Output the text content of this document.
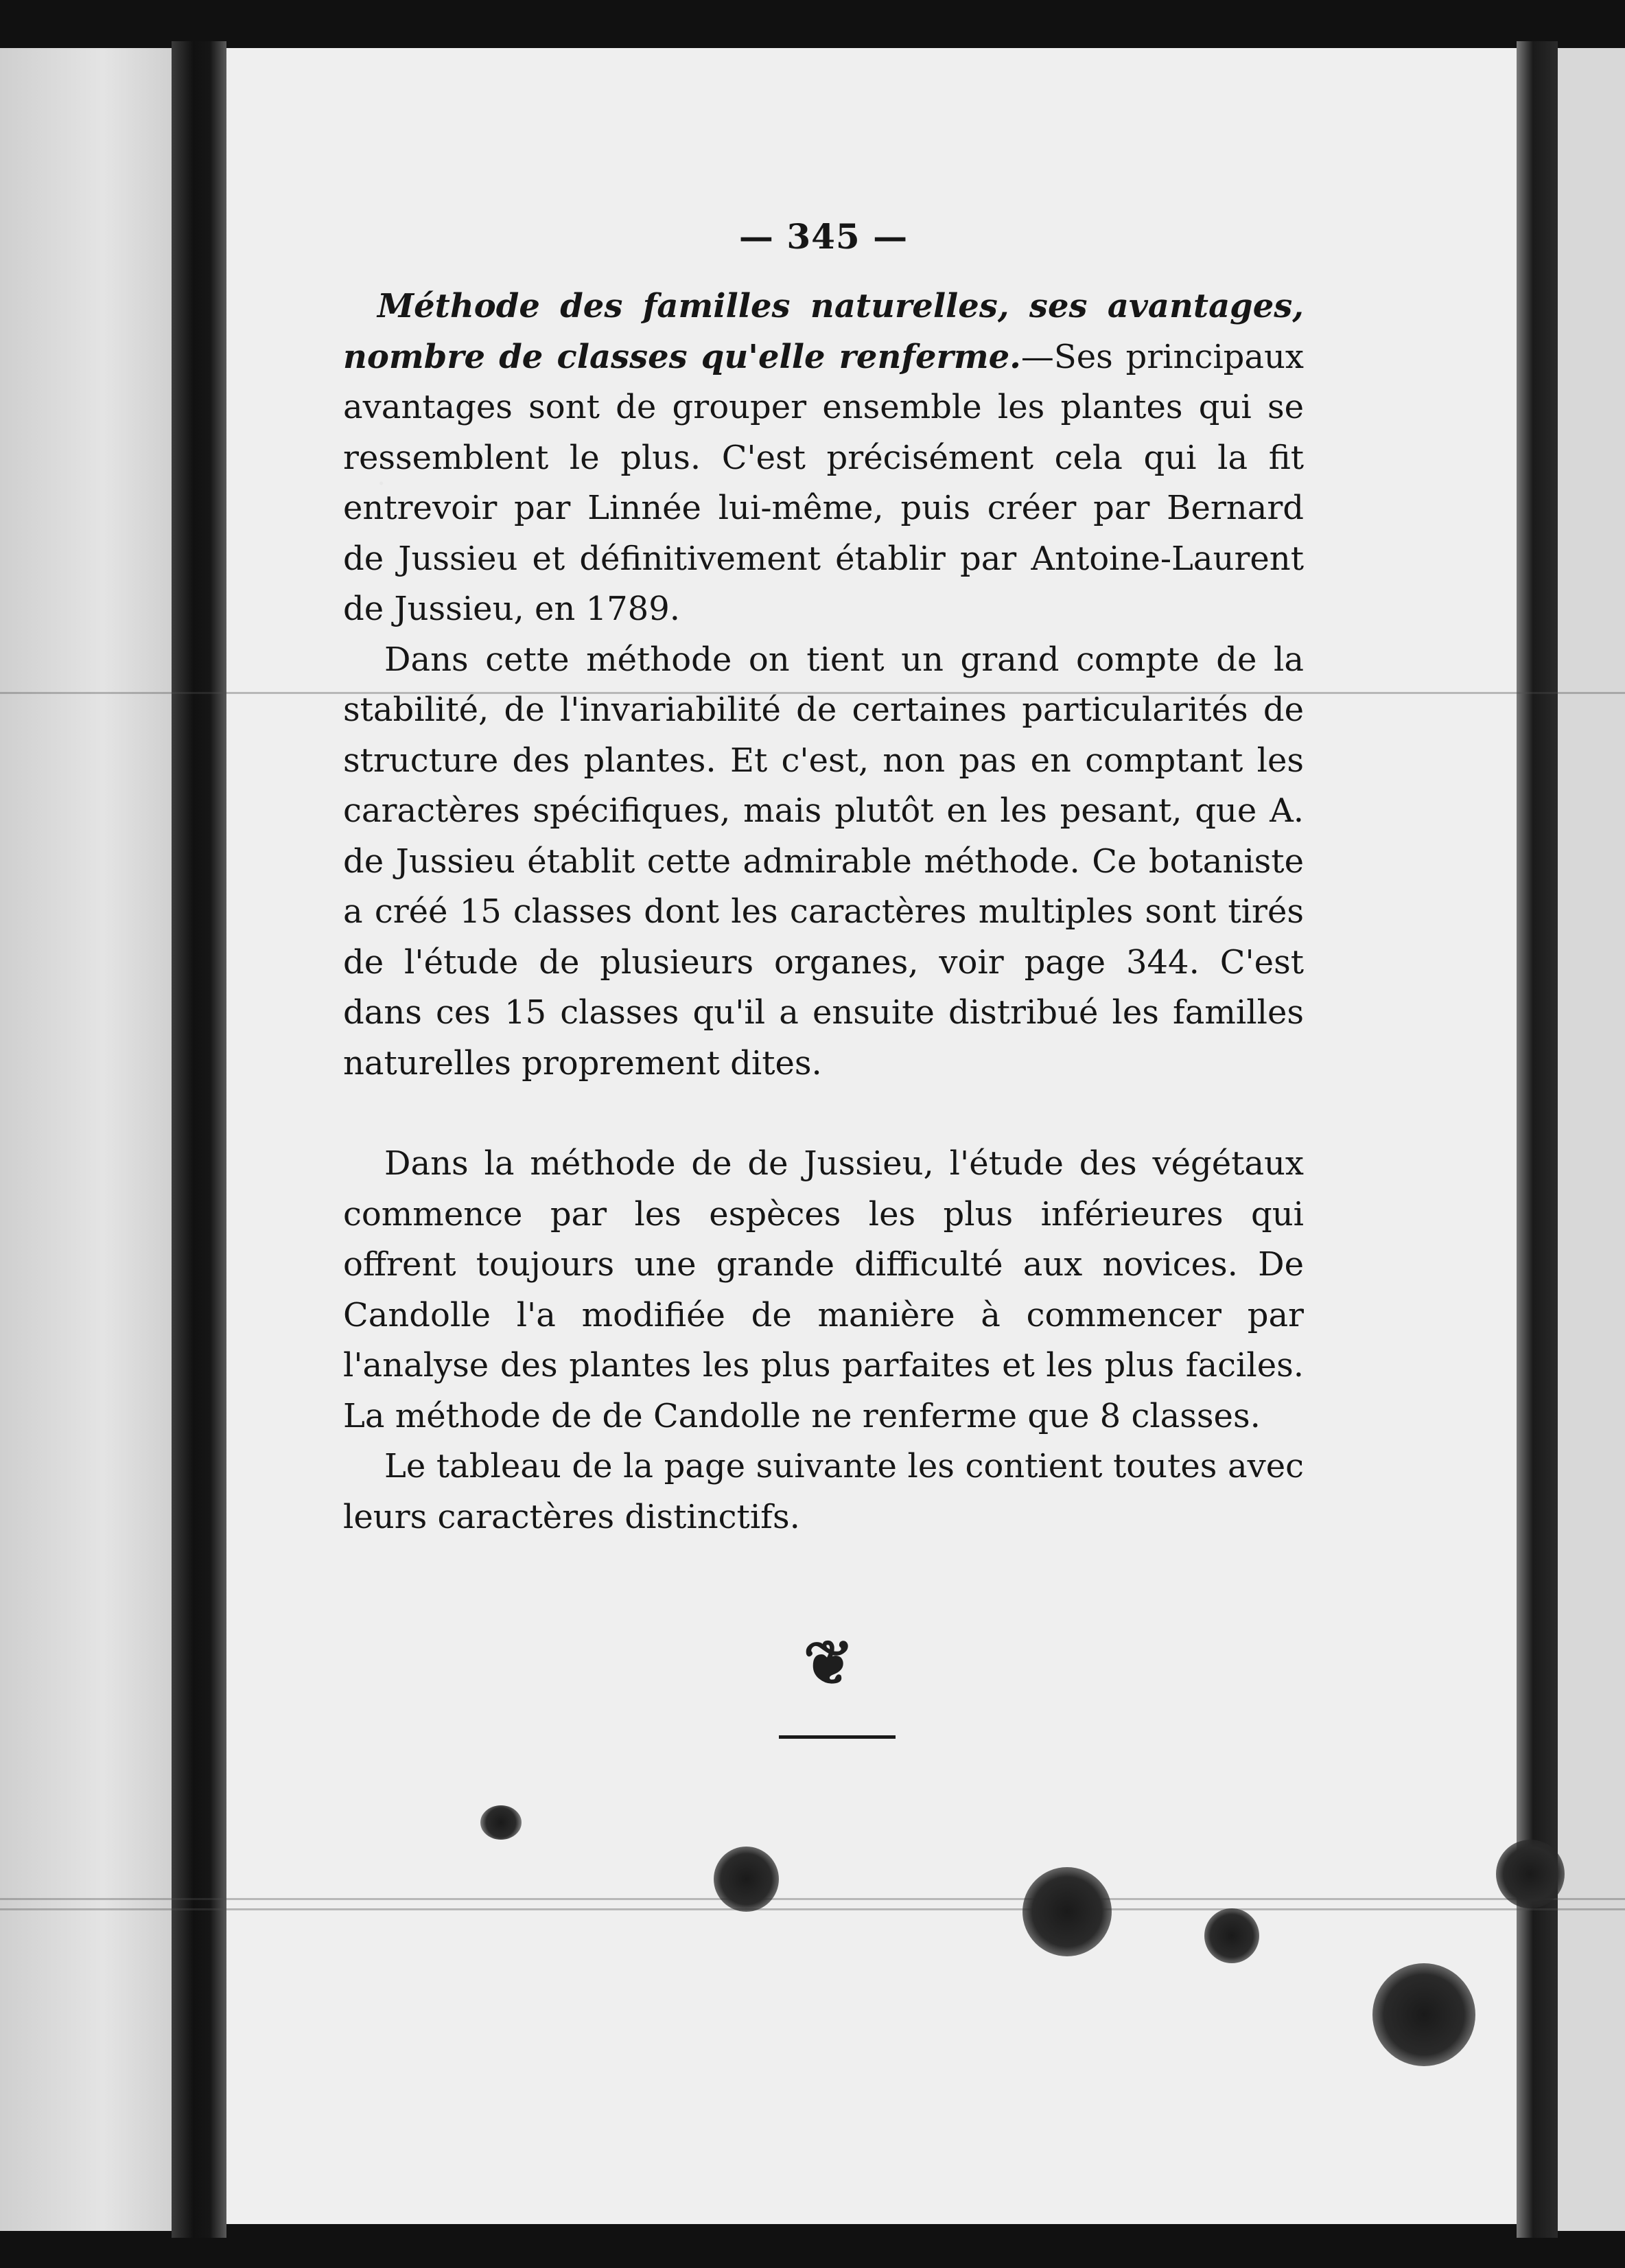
— 345 —

Méthode des familles naturelles, ses avantages, nombre de classes qu'elle renferme.—Ses principaux avantages sont de grouper ensemble les plantes qui se ressemblent le plus. C'est précisément cela qui la fit entrevoir par Linnée lui-même, puis créer par Bernard de Jussieu et définitivement établir par Antoine-Laurent de Jussieu, en 1789.

Dans cette méthode on tient un grand compte de la stabilité, de l'invariabilité de certaines particularités de structure des plantes. Et c'est, non pas en comptant les caractères spécifiques, mais plutôt en les pesant, que A. de Jussieu établit cette admirable méthode. Ce botaniste a créé 15 classes dont les caractères multiples sont tirés de l'étude de plusieurs organes, voir page 344. C'est dans ces 15 classes qu'il a ensuite distribué les familles naturelles proprement dites.

Dans la méthode de de Jussieu, l'étude des végétaux commence par les espèces les plus inférieures qui offrent toujours une grande difficulté aux novices. De Candolle l'a modifiée de manière à commencer par l'analyse des plantes les plus parfaites et les plus faciles. La méthode de de Candolle ne renferme que 8 classes.

Le tableau de la page suivante les contient toutes avec leurs caractères distinctifs.

❦
